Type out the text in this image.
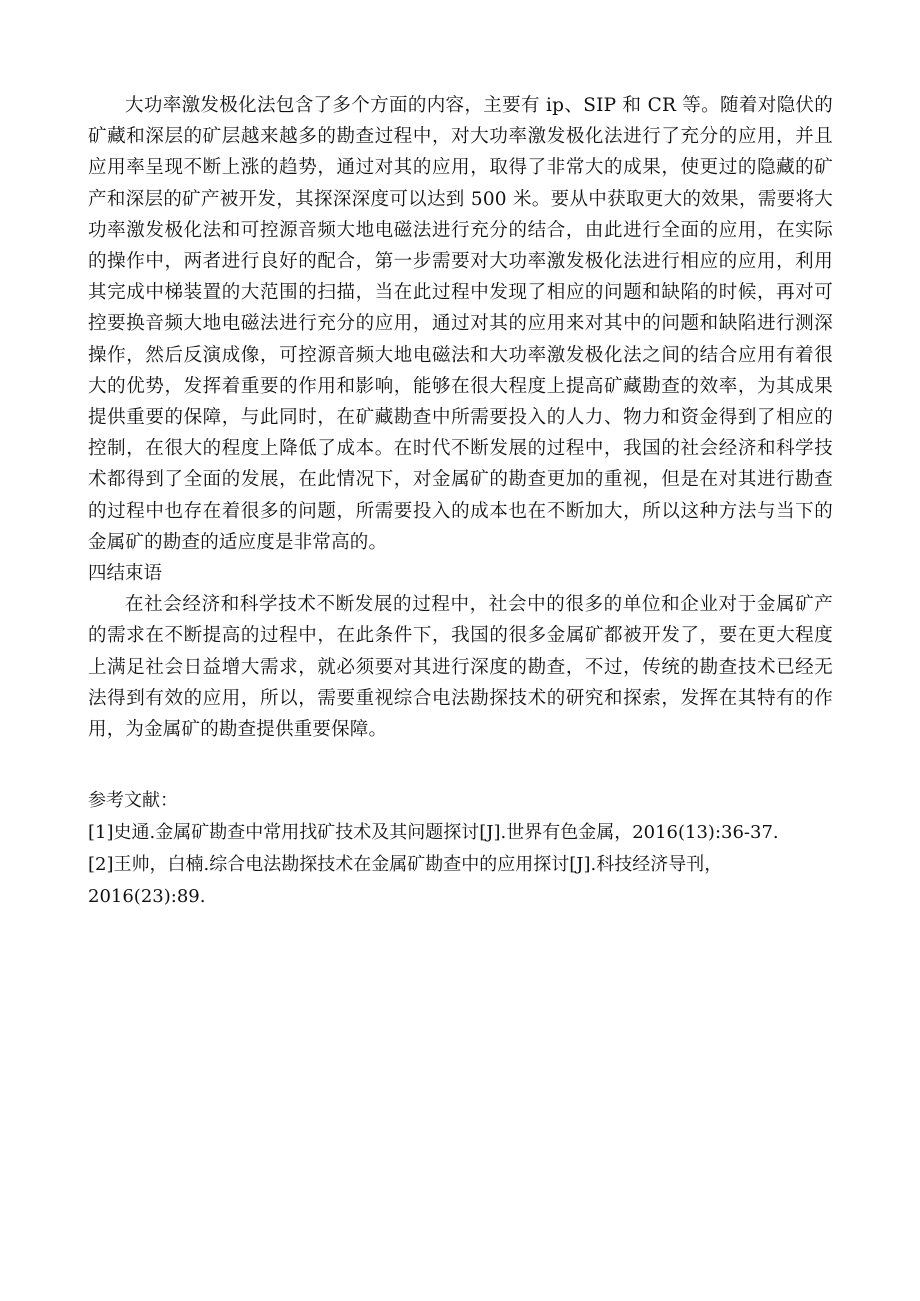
大功率激发极化法包含了多个方面的内容，主要有 ip、SIP 和 CR 等。随着对隐伏的矿藏和深层的矿层越来越多的勘查过程中，对大功率激发极化法进行了充分的应用，并且应用率呈现不断上涨的趋势，通过对其的应用，取得了非常大的成果，使更过的隐藏的矿产和深层的矿产被开发，其探深深度可以达到 500 米。要从中获取更大的效果，需要将大功率激发极化法和可控源音频大地电磁法进行充分的结合，由此进行全面的应用，在实际的操作中，两者进行良好的配合，第一步需要对大功率激发极化法进行相应的应用，利用其完成中梯装置的大范围的扫描，当在此过程中发现了相应的问题和缺陷的时候，再对可控要换音频大地电磁法进行充分的应用，通过对其的应用来对其中的问题和缺陷进行测深操作，然后反演成像，可控源音频大地电磁法和大功率激发极化法之间的结合应用有着很大的优势，发挥着重要的作用和影响，能够在很大程度上提高矿藏勘查的效率，为其成果提供重要的保障，与此同时，在矿藏勘查中所需要投入的人力、物力和资金得到了相应的控制，在很大的程度上降低了成本。在时代不断发展的过程中，我国的社会经济和科学技术都得到了全面的发展，在此情况下，对金属矿的勘查更加的重视，但是在对其进行勘查的过程中也存在着很多的问题，所需要投入的成本也在不断加大，所以这种方法与当下的金属矿的勘查的适应度是非常高的。

四结束语

在社会经济和科学技术不断发展的过程中，社会中的很多的单位和企业对于金属矿产的需求在不断提高的过程中，在此条件下，我国的很多金属矿都被开发了，要在更大程度上满足社会日益增大需求，就必须要对其进行深度的勘查，不过，传统的勘查技术已经无法得到有效的应用，所以，需要重视综合电法勘探技术的研究和探索，发挥在其特有的作用，为金属矿的勘查提供重要保障。

参考文献：

[1]史通.金属矿勘查中常用找矿技术及其问题探讨[J].世界有色金属，2016(13):36-37.

[2]王帅，白楠.综合电法勘探技术在金属矿勘查中的应用探讨[J].科技经济导刊，2016(23):89.
